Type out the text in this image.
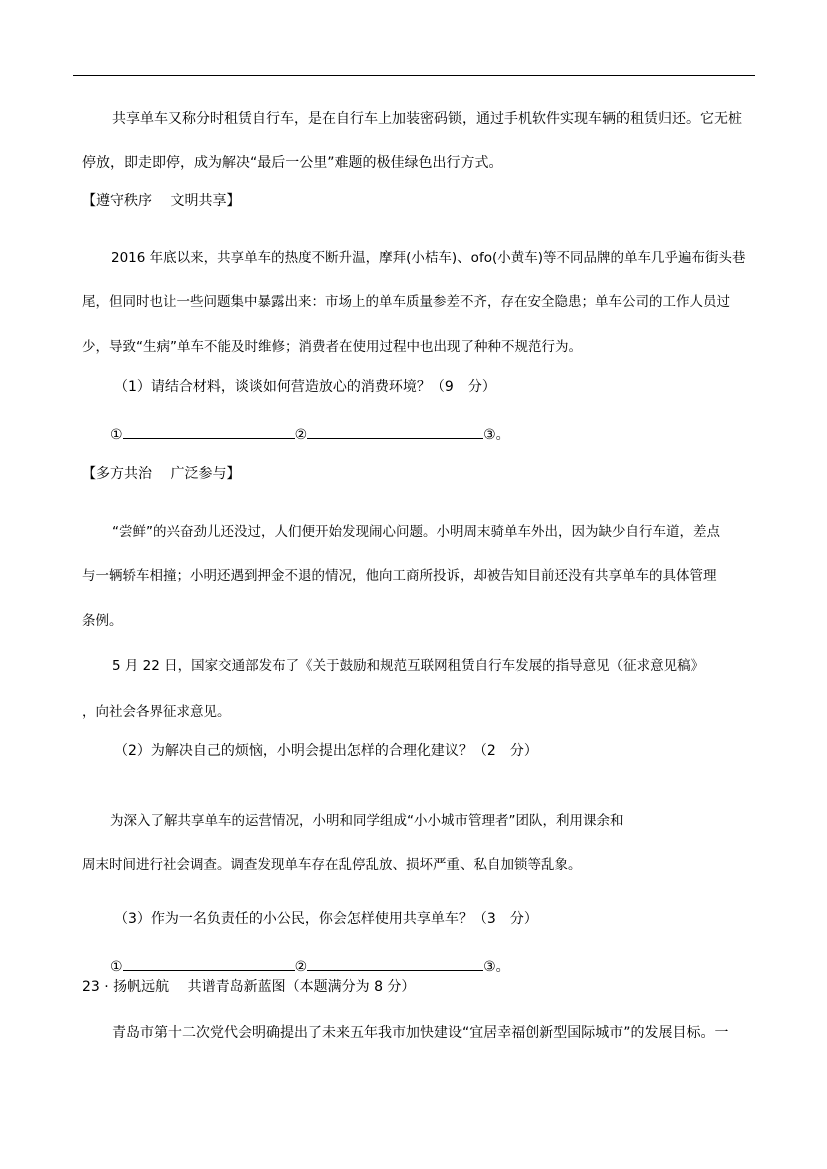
共享单车又称分时租赁自行车，是在自行车上加装密码锁，通过手机软件实现车辆的租赁归还。它无桩
停放，即走即停，成为解决“最后一公里”难题的极佳绿色出行方式。
【遵守秩序　 文明共享】
2016 年底以来，共享单车的热度不断升温，摩拜(小桔车)、ofo(小黄车)等不同品牌的单车几乎遍布街头巷
尾，但同时也让一些问题集中暴露出来：市场上的单车质量参差不齐，存在安全隐患；单车公司的工作人员过
少，导致“生病”单车不能及时维修；消费者在使用过程中也出现了种种不规范行为。
（1）请结合材料，谈谈如何营造放心的消费环境？（9　分）
①	②	③。
【多方共治　 广泛参与】
“尝鲜”的兴奋劲儿还没过，人们便开始发现闹心问题。小明周末骑单车外出，因为缺少自行车道，差点
与一辆轿车相撞；小明还遇到押金不退的情况，他向工商所投诉，却被告知目前还没有共享单车的具体管理
条例。
5 月 22 日，国家交通部发布了《关于鼓励和规范互联网租赁自行车发展的指导意见（征求意见稿》
，向社会各界征求意见。
（2）为解决自己的烦恼，小明会提出怎样的合理化建议？（2　分）
为深入了解共享单车的运营情况，小明和同学组成“小小城市管理者”团队，利用课余和
周末时间进行社会调查。调查发现单车存在乱停乱放、损坏严重、私自加锁等乱象。
（3）作为一名负责任的小公民，你会怎样使用共享单车？（3　分）
①	②	③。
23 · 扬帆远航　 共谱青岛新蓝图（本题满分为 8 分）
青岛市第十二次党代会明确提出了未来五年我市加快建设“宜居幸福创新型国际城市”的发展目标。一
